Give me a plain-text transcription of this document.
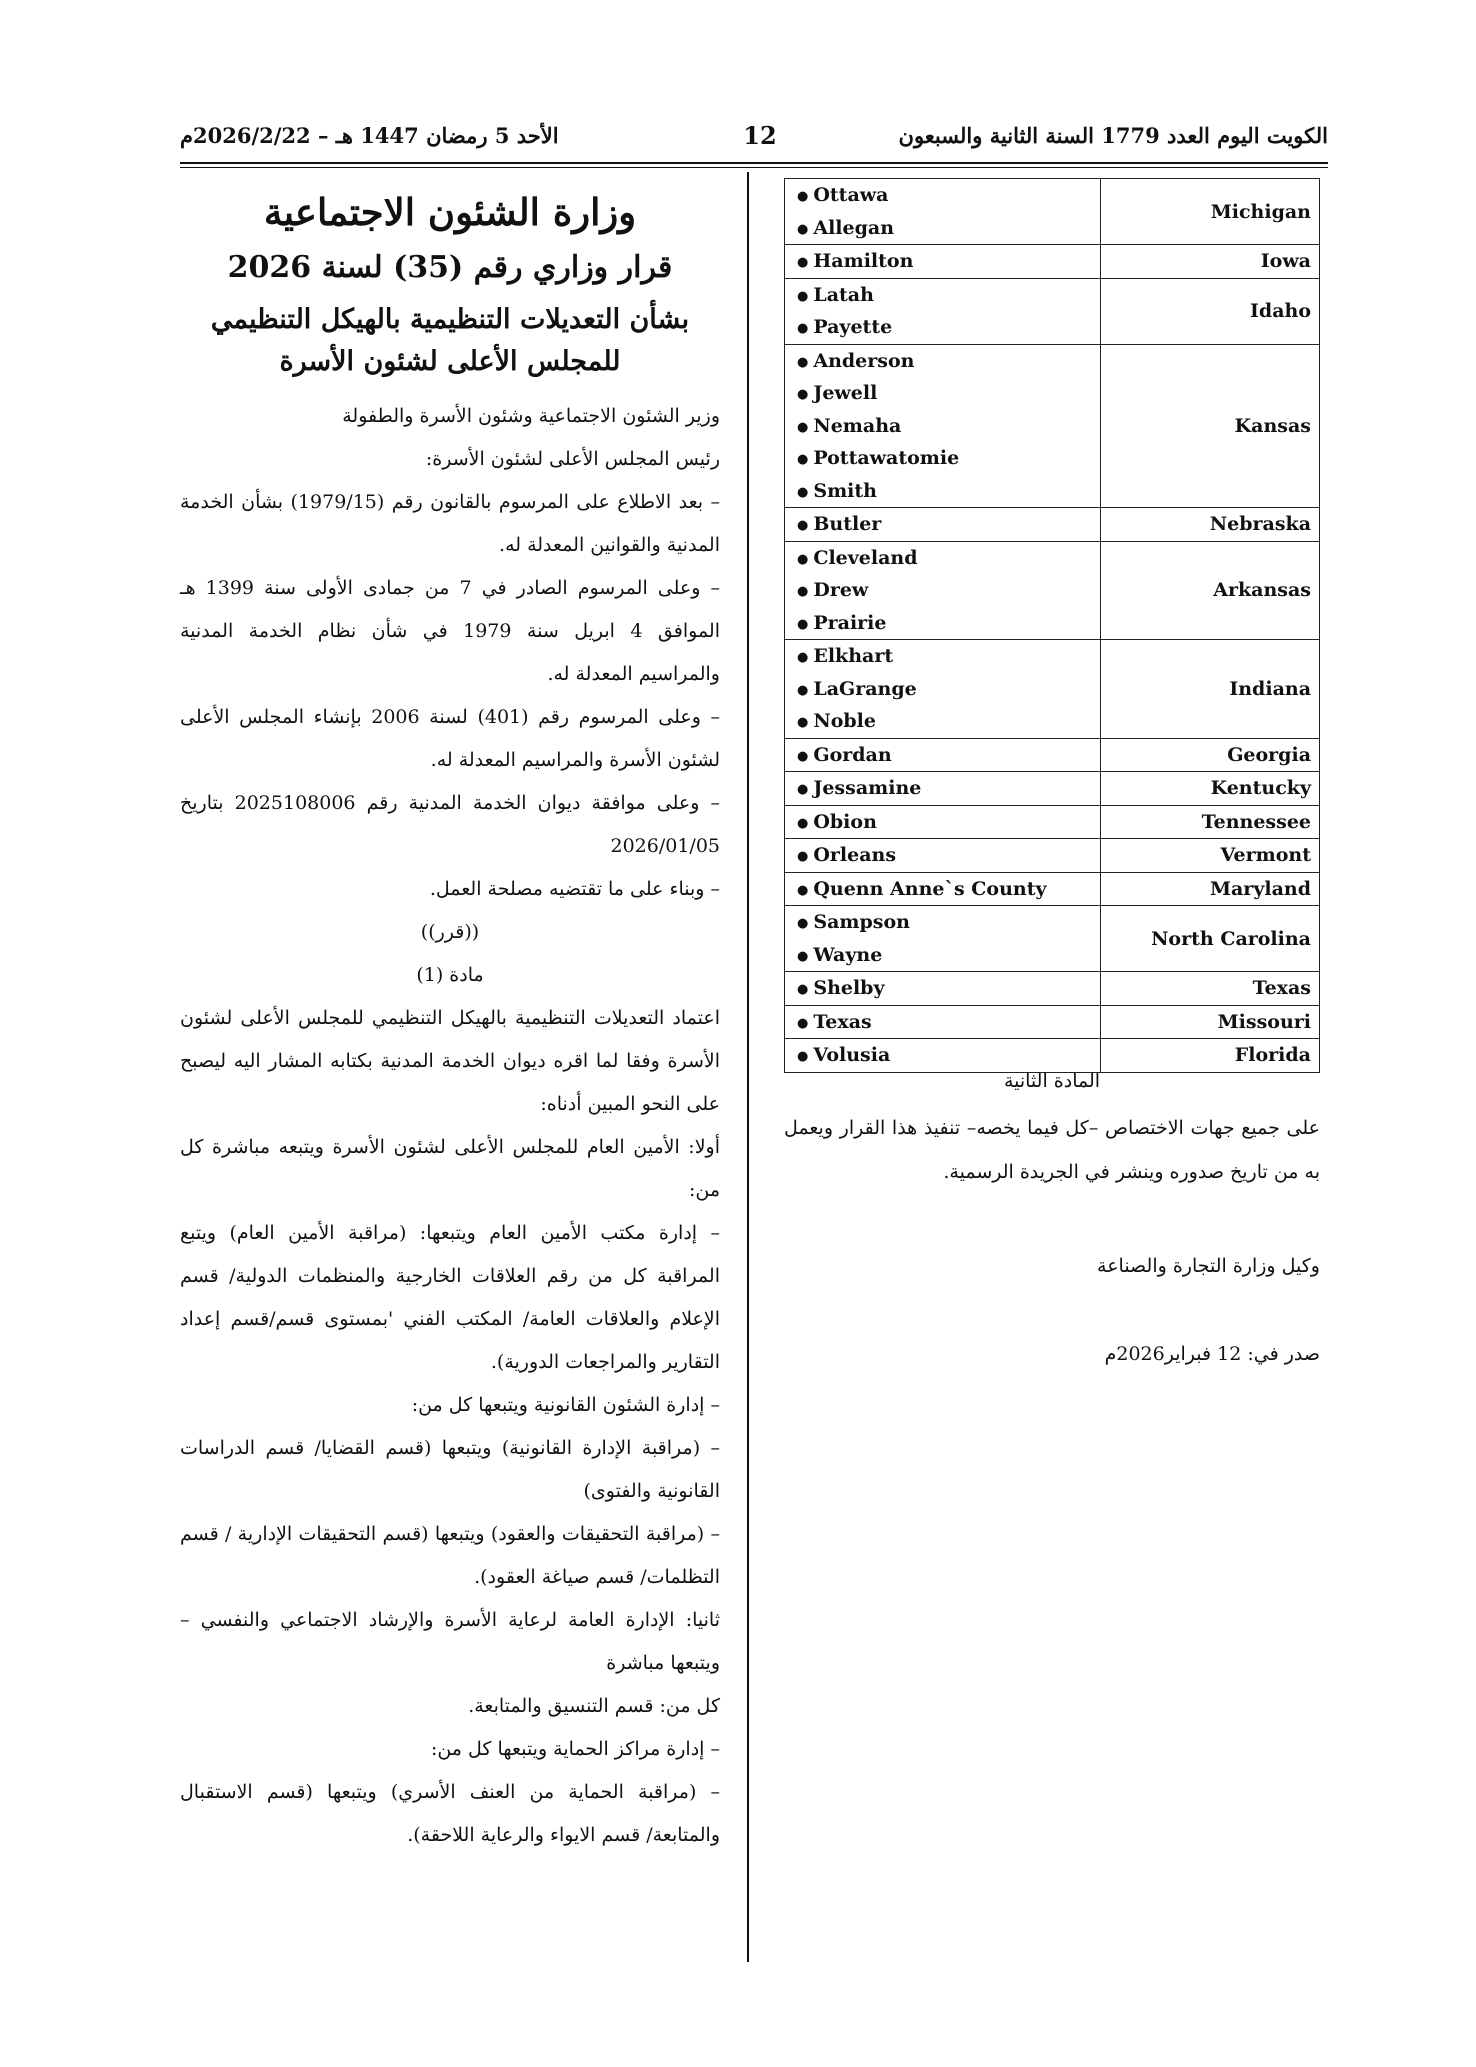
الأحد 5 رمضان 1447 هـ – 2026/2/22م	12	الكويت اليوم العدد 1779 السنة الثانية والسبعون
وزارة الشئون الاجتماعية
قرار وزاري رقم (35) لسنة 2026
بشأن التعديلات التنظيمية بالهيكل التنظيمي
للمجلس الأعلى لشئون الأسرة

وزير الشئون الاجتماعية وشئون الأسرة والطفولة

رئيس المجلس الأعلى لشئون الأسرة:

– بعد الاطلاع على المرسوم بالقانون رقم (1979/15) بشأن الخدمة المدنية والقوانين المعدلة له.

– وعلى المرسوم الصادر في 7 من جمادى الأولى سنة 1399 هـ الموافق 4 ابريل سنة 1979 في شأن نظام الخدمة المدنية والمراسيم المعدلة له.

– وعلى المرسوم رقم (401) لسنة 2006 بإنشاء المجلس الأعلى لشئون الأسرة والمراسيم المعدلة له.

– وعلى موافقة ديوان الخدمة المدنية رقم 2025108006 بتاريخ 2026/01/05

– وبناء على ما تقتضيه مصلحة العمل.

((قرر))

مادة (1)

اعتماد التعديلات التنظيمية بالهيكل التنظيمي للمجلس الأعلى لشئون الأسرة وفقا لما اقره ديوان الخدمة المدنية بكتابه المشار اليه ليصبح على النحو المبين أدناه:

أولا: الأمين العام للمجلس الأعلى لشئون الأسرة ويتبعه مباشرة كل من:

– إدارة مكتب الأمين العام ويتبعها: (مراقبة الأمين العام) ويتبع المراقبة كل من رقم العلاقات الخارجية والمنظمات الدولية/ قسم الإعلام والعلاقات العامة/ المكتب الفني 'بمستوى قسم/قسم إعداد التقارير والمراجعات الدورية).

– إدارة الشئون القانونية ويتبعها كل من:

– (مراقبة الإدارة القانونية) ويتبعها (قسم القضايا/ قسم الدراسات القانونية والفتوى)

– (مراقبة التحقيقات والعقود) ويتبعها (قسم التحقيقات الإدارية / قسم التظلمات/ قسم صياغة العقود).

ثانيا: الإدارة العامة لرعاية الأسرة والإرشاد الاجتماعي والنفسي – ويتبعها مباشرة

كل من: قسم التنسيق والمتابعة.

– إدارة مراكز الحماية ويتبعها كل من:

– (مراقبة الحماية من العنف الأسري) ويتبعها (قسم الاستقبال والمتابعة/ قسم الايواء والرعاية اللاحقة).

● Ottawa
● Allegan	Michigan

● Hamilton	Iowa

● Latah
● Payette	Idaho

● Anderson
● Jewell
● Nemaha
● Pottawatomie
● Smith	Kansas

● Butler	Nebraska

● Cleveland
● Drew
● Prairie	Arkansas

● Elkhart
● LaGrange
● Noble	Indiana

● Gordan	Georgia

● Jessamine	Kentucky

● Obion	Tennessee

● Orleans	Vermont

● Quenn Anne`s County	Maryland

● Sampson
● Wayne	North Carolina

● Shelby	Texas

● Texas	Missouri

● Volusia	Florida
المادة الثانية

على جميع جهات الاختصاص –كل فيما يخصه– تنفيذ هذا القرار ويعمل به من تاريخ صدوره وينشر في الجريدة الرسمية.

وكيل وزارة التجارة والصناعة

صدر في: 12 فبراير2026م
